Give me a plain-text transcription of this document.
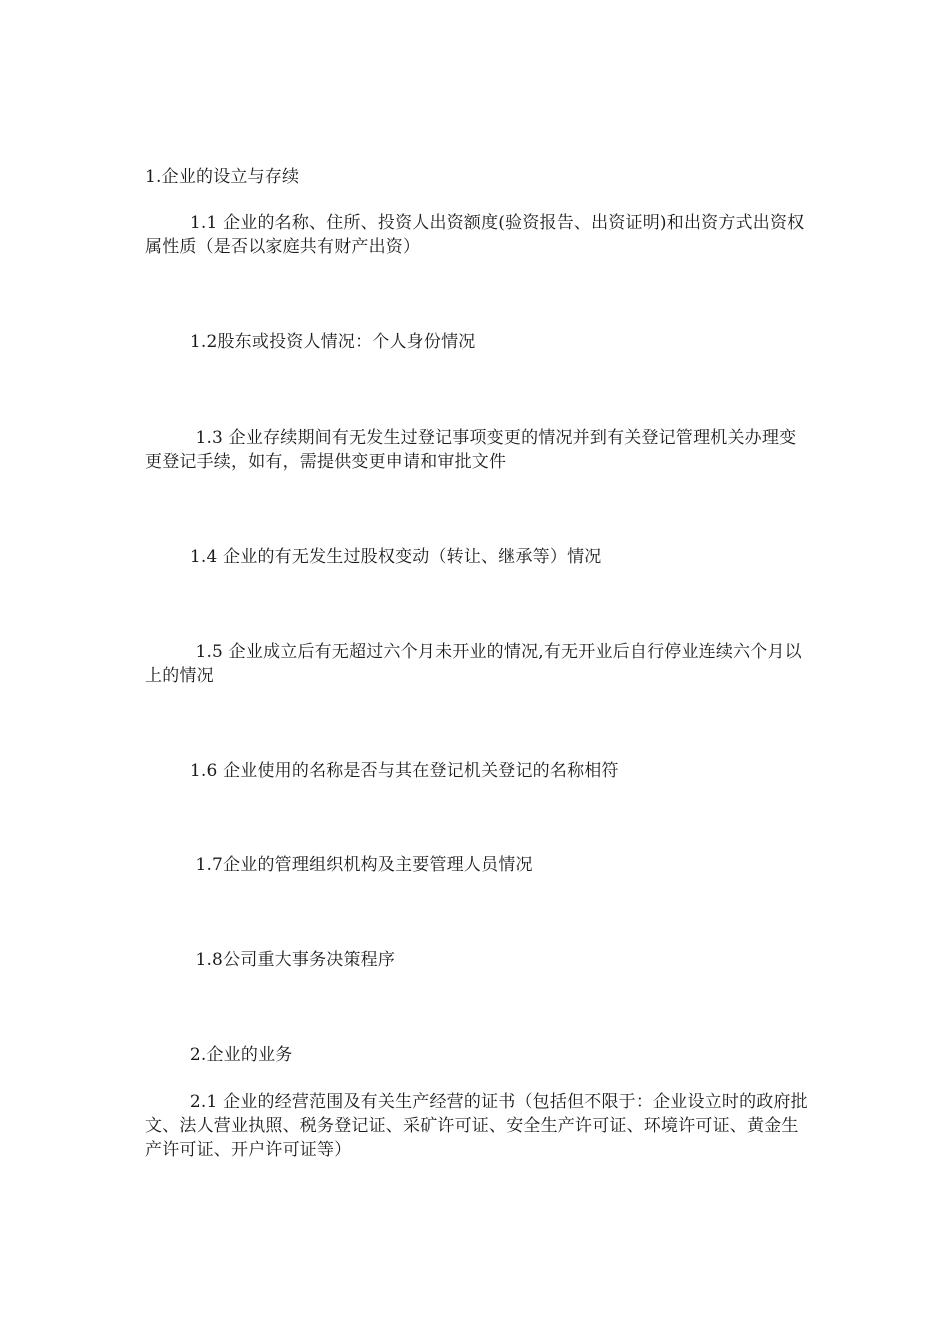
1.企业的设立与存续
1.1 企业的名称、住所、投资人出资额度(验资报告、出资证明)和出资方式出资权属性质（是否以家庭共有财产出资）
1.2股东或投资人情况：个人身份情况
1.3 企业存续期间有无发生过登记事项变更的情况并到有关登记管理机关办理变更登记手续，如有，需提供变更申请和审批文件
1.4 企业的有无发生过股权变动（转让、继承等）情况
1.5 企业成立后有无超过六个月未开业的情况,有无开业后自行停业连续六个月以上的情况
1.6 企业使用的名称是否与其在登记机关登记的名称相符
1.7企业的管理组织机构及主要管理人员情况
1.8公司重大事务决策程序
2.企业的业务
2.1 企业的经营范围及有关生产经营的证书（包括但不限于：企业设立时的政府批文、法人营业执照、税务登记证、采矿许可证、安全生产许可证、环境许可证、黄金生产许可证、开户许可证等）
